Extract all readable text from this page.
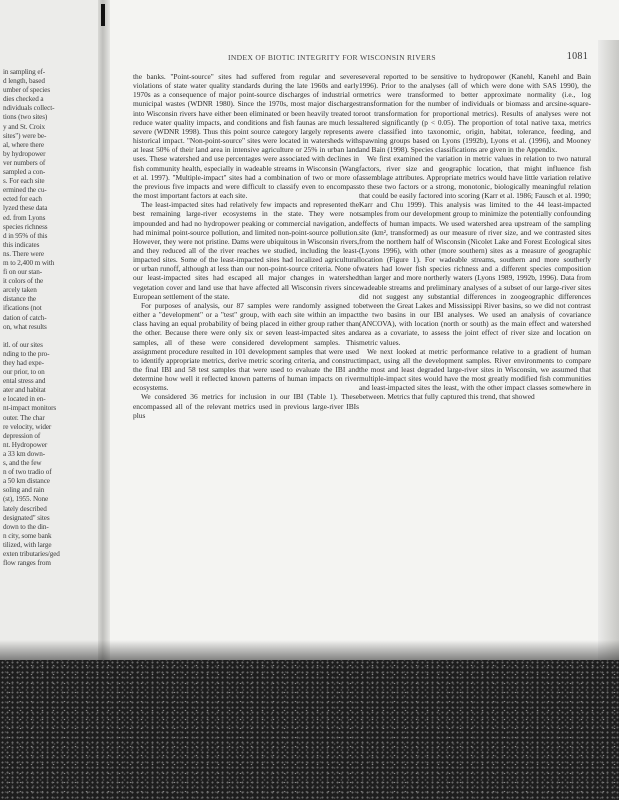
in sampling ef-

d length, based

umber of species

dies checked a

ndividuals collect-

tions (two sites)

y and St. Croix

sites") were be-

al, where there

by hydropower

ver numbers of

sampled a con-

s. For each site

ermined the cu-

ected for each

lyzed these data

ed. from Lyons

species richness

d in 95% of this

this indicates

ns. There were

m to 2,400 m with

fi on our stan-

it colors of the

arcely taken

distance the

ifications (not

dation of catch-

on, what results

itl. of our sites

nding to the pro-

they had expe-

our prior, to on

ental stress and

ater and habitat

e located in en-

nt-impact monitors

outer. The char

re velocity, wider

depression of

nt. Hydropower

a 33 km down-

s, and the few

n of two tradio of

a 50 km distance

soling and rain

(st), 1955. None

lately described

designated" sites

down to the din-

n city, some bank

tilized, with large

exten tributaries/ged

flow ranges from

INDEX OF BIOTIC INTEGRITY FOR WISCONSIN RIVERS	1081

the banks. "Point-source" sites had suffered from regular and severe violations of state water quality standards during the late 1960s and early 1970s as a consequence of major point-source discharges of industrial or municipal wastes (WDNR 1980). Since the 1970s, most major discharges into Wisconsin rivers have either been eliminated or been heavily treated to reduce water quality impacts, and conditions and fish faunas are much less severe (WDNR 1998). Thus this point source category largely represents a historical impact. "Non-point-source" sites were located in watersheds with at least 50% of their land area in intensive agriculture or 25% in urban land uses. These watershed and use percentages were associated with declines in fish community health, especially in wadeable streams in Wisconsin (Wang et al. 1997). "Multiple-impact" sites had a combination of two or more of the previous five impacts and were difficult to classify even to encompass the most important factors at each site.

The least-impacted sites had relatively few impacts and represented the best remaining large-river ecosystems in the state. They were not impounded and had no hydropower peaking or commercial navigation, and had minimal point-source pollution, and limited non-point-source pollution. However, they were not pristine. Dams were ubiquitous in Wisconsin rivers, and they reduced all of the river reaches we studied, including the least-impacted sites. Some of the least-impacted sites had localized agricultural or urban runoff, although at less than our non-point-source criteria. None of our least-impacted sites had escaped all major changes in watershed vegetation cover and land use that have affected all Wisconsin rivers since European settlement of the state.

For purposes of analysis, our 87 samples were randomly assigned to either a "development" or a "test" group, with each site within an impact class having an equal probability of being placed in either group rather than the other. Because there were only six or seven least-impacted sites and samples, all of these were considered development samples. This assignment procedure resulted in 101 development samples that were used to identify appropriate metrics, derive metric scoring criteria, and construct the final IBI and 58 test samples that were used to evaluate the IBI and determine how well it reflected known patterns of human impacts on river ecosystems.

We considered 36 metrics for inclusion in our IBI (Table 1). These encompassed all of the relevant metrics used in previous large-river IBIs plus

several reported to be sensitive to hydropower (Kanehl, Kanehl and Bain 1996). Prior to the analyses (all of which were done with SAS 1990), the metrics were transformed to better approximate normality (i.e., log transformation for the number of individuals or biomass and arcsine-square-root transformation for proportional metrics). Results of analyses were not altered significantly (p < 0.05). The proportion of total native taxa, metrics were classified into taxonomic, origin, habitat, tolerance, feeding, and spawning groups based on Lyons (1992b), Lyons et al. (1996), and Mooney and Bain (1998). Species classifications are given in the Appendix.

We first examined the variation in metric values in relation to two natural factors, river size and geographic location, that might influence fish assemblage attributes. Appropriate metrics would have little variation relative to these two factors or a strong, monotonic, biologically meaningful relation that could be easily factored into scoring (Karr et al. 1986; Fausch et al. 1990; Karr and Chu 1999). This analysis was limited to the 44 least-impacted samples from our development group to minimize the potentially confounding effects of human impacts. We used watershed area upstream of the sampling site (km², transformed) as our measure of river size, and we contrasted sites from the northern half of Wisconsin (Nicolet Lake and Forest Ecological sites (Lyons 1996), with other (more southern) sites as a measure of geographic location (Figure 1). For wadeable streams, southern and more southerly waters had lower fish species richness and a different species composition than larger and more northerly waters (Lyons 1989, 1992b, 1996). Data from wadeable streams and preliminary analyses of a subset of our large-river sites did not suggest any substantial differences in zoogeographic differences between the Great Lakes and Mississippi River basins, so we did not contrast the two basins in our IBI analyses. We used an analysis of covariance (ANCOVA), with location (north or south) as the main effect and watershed area as a covariate, to assess the joint effect of river size and location on metric values.

We next looked at metric performance relative to a gradient of human impact, using all the development samples. River environments to compare the most and least degraded large-river sites in Wisconsin, we assumed that multiple-impact sites would have the most greatly modified fish communities and least-impacted sites the least, with the other impact classes somewhere in between. Metrics that fully captured this trend, that showed
